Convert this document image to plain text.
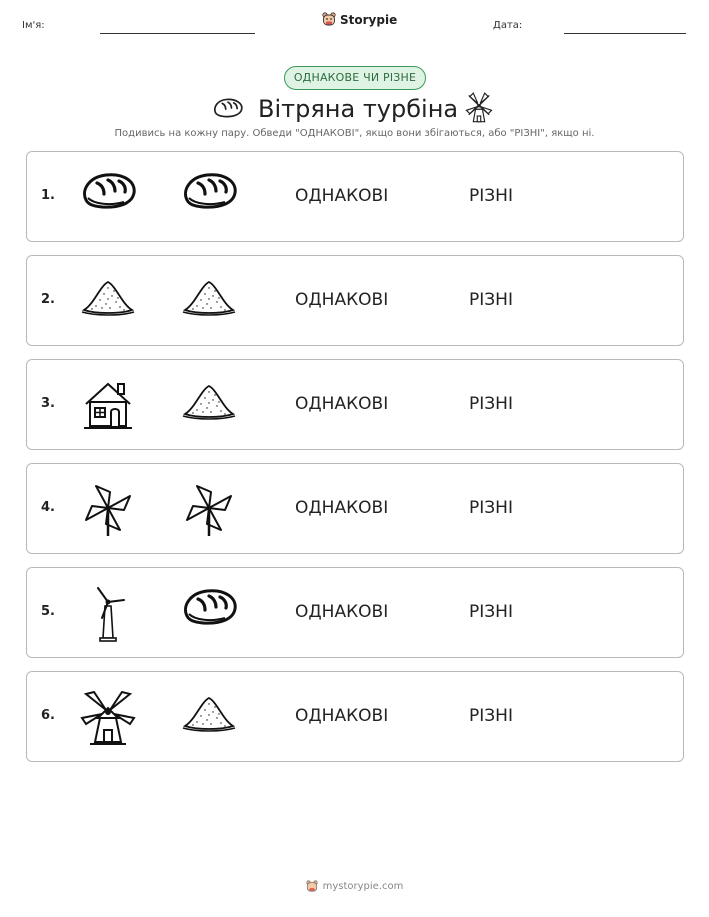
Ім'я:	Storypie	Дата:
ОДНАКОВЕ ЧИ РІЗНЕ
Вітряна турбіна
Подивись на кожну пару. Обведи "ОДНАКОВІ", якщо вони збігаються, або "РІЗНІ", якщо ні.
1.	ОДНАКОВІ	РІЗНІ
2.	ОДНАКОВІ	РІЗНІ
3.	ОДНАКОВІ	РІЗНІ
4.	ОДНАКОВІ	РІЗНІ
5.	ОДНАКОВІ	РІЗНІ
6.	ОДНАКОВІ	РІЗНІ
mystorypie.com
